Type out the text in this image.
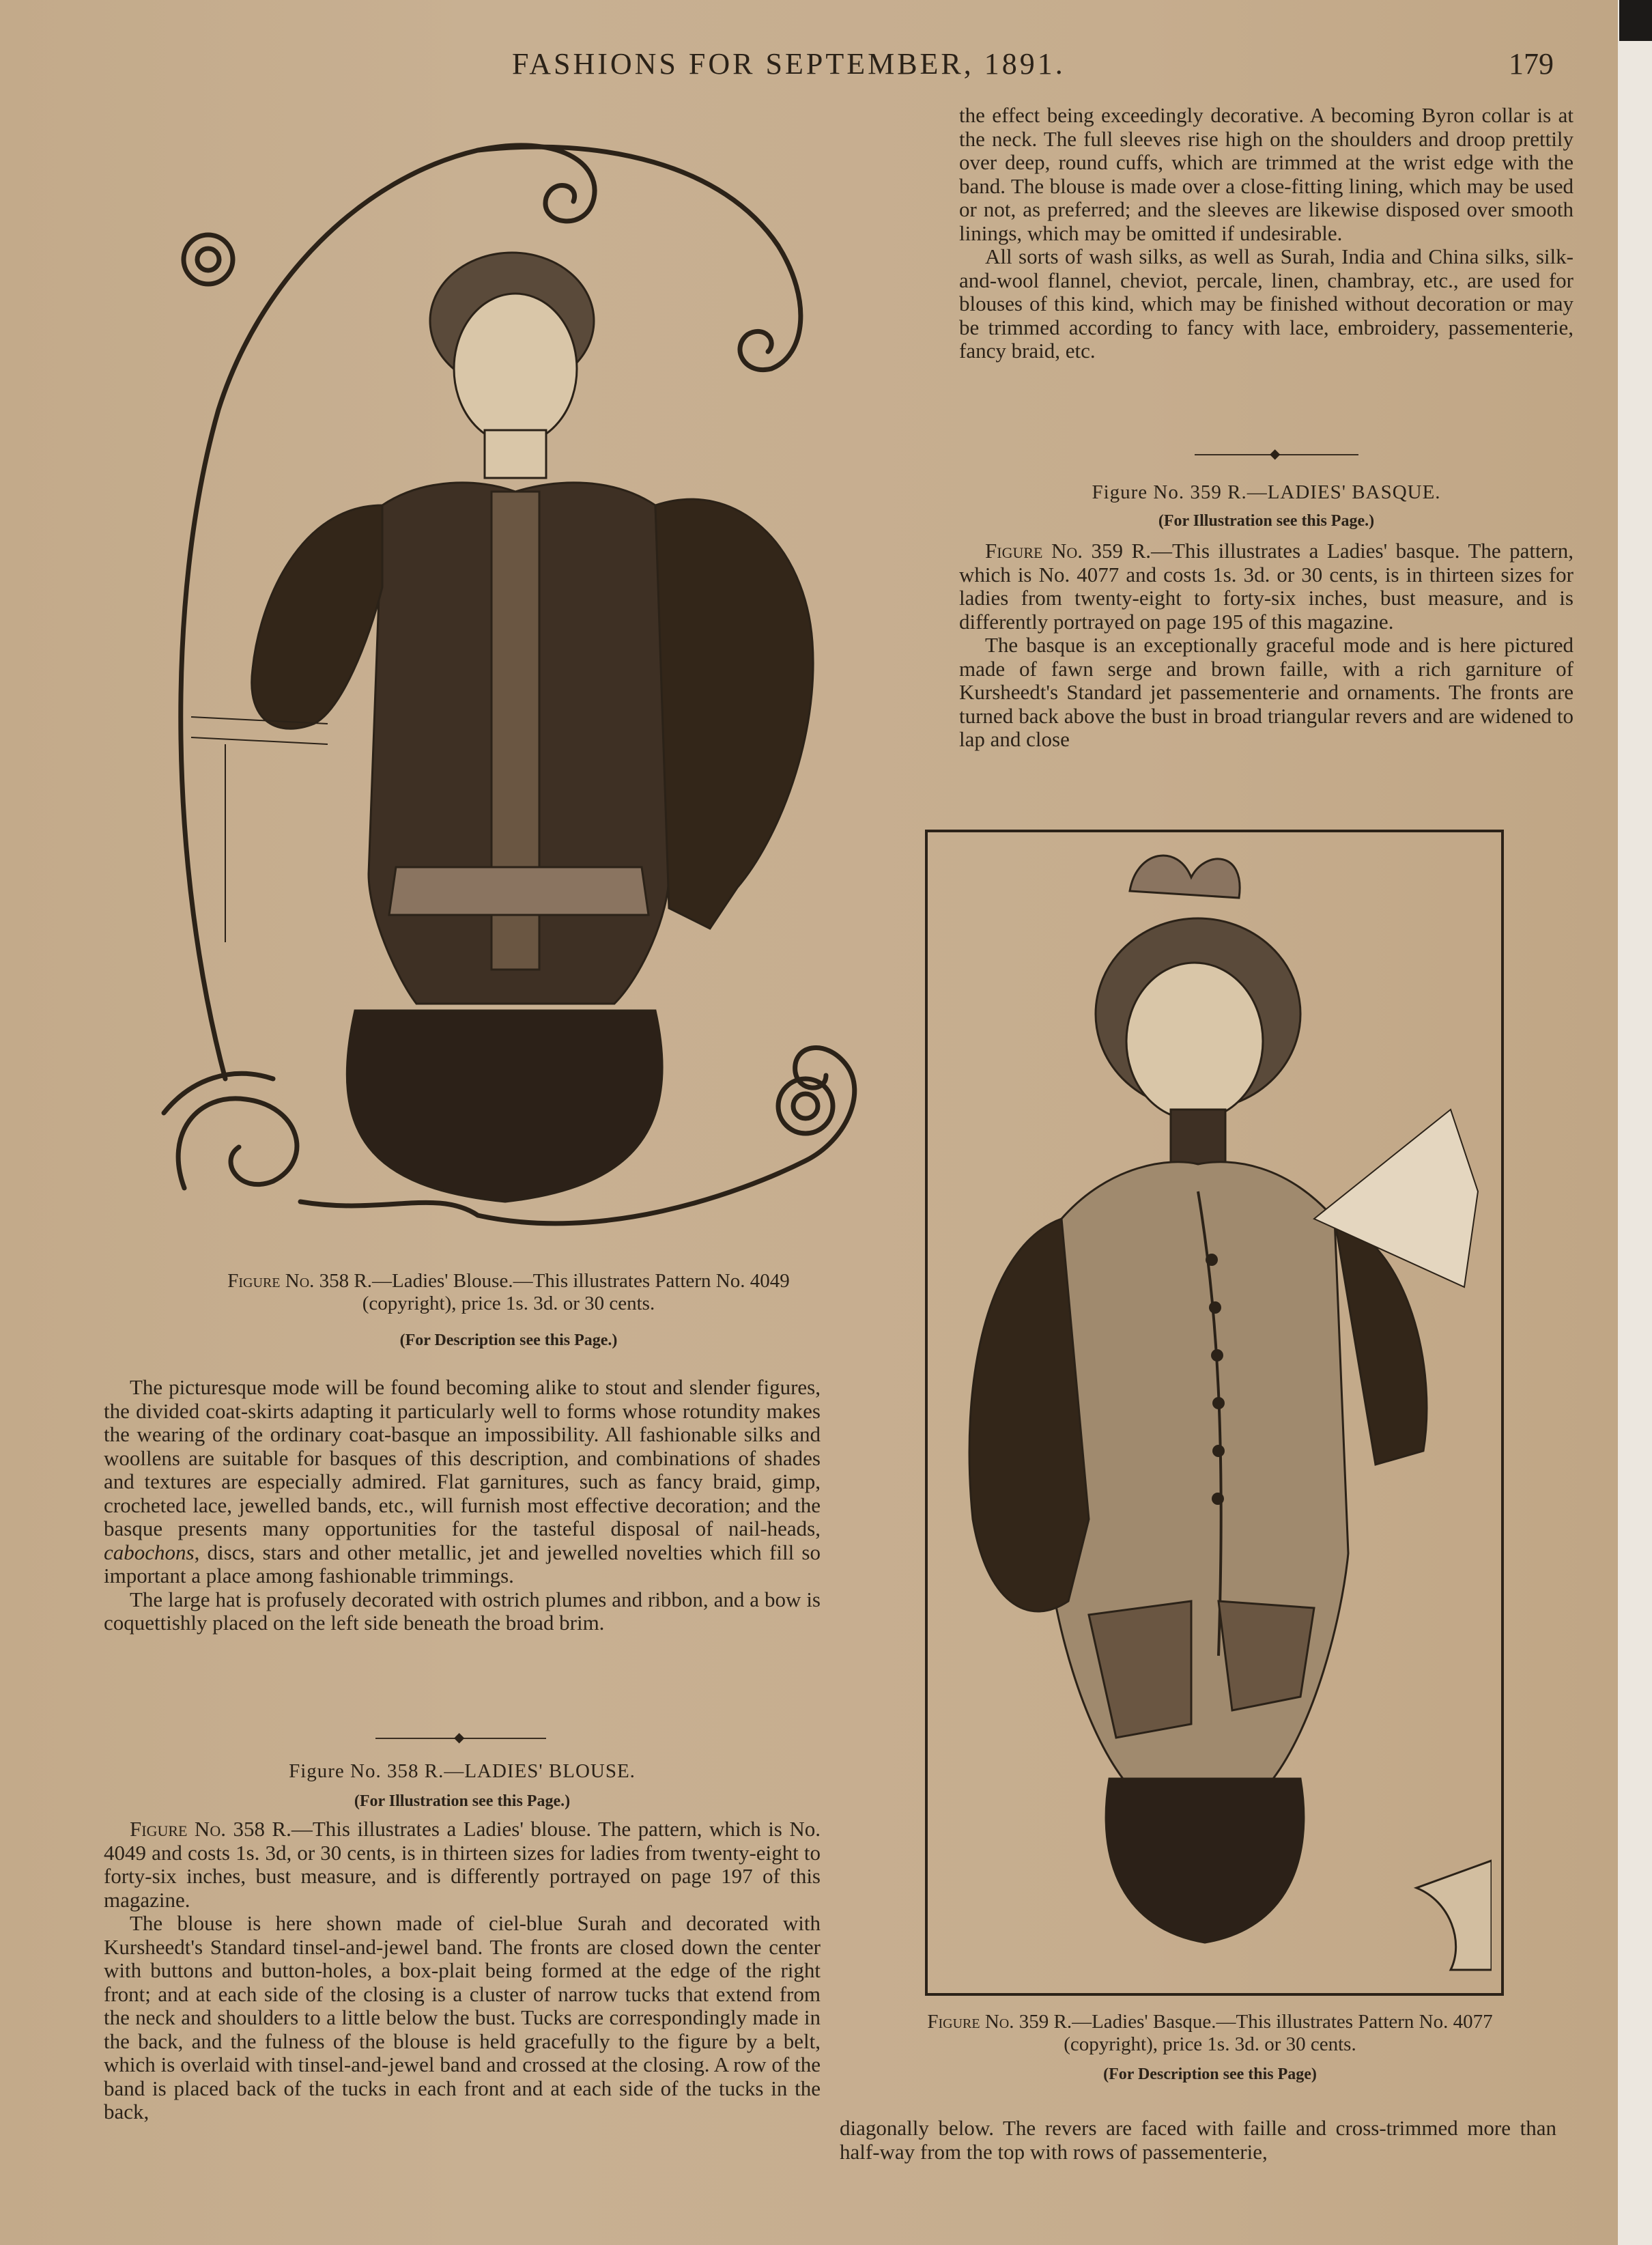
FASHIONS FOR SEPTEMBER, 1891.	179
Figure No. 358 R.—Ladies' Blouse.—This illustrates Pattern No. 4049 (copyright), price 1s. 3d. or 30 cents.
(For Description see this Page.)

the effect being exceedingly decorative. A becoming Byron collar is at the neck. The full sleeves rise high on the shoulders and droop prettily over deep, round cuffs, which are trimmed at the wrist edge with the band. The blouse is made over a close-fitting lining, which may be used or not, as preferred; and the sleeves are likewise disposed over smooth linings, which may be omitted if undesirable.

All sorts of wash silks, as well as Surah, India and China silks, silk-and-wool flannel, cheviot, percale, linen, chambray, etc., are used for blouses of this kind, which may be finished without decoration or may be trimmed according to fancy with lace, embroidery, passementerie, fancy braid, etc.

◆
Figure No. 359 R.—LADIES' BASQUE.
(For Illustration see this Page.)

Figure No. 359 R.—This illustrates a Ladies' basque. The pattern, which is No. 4077 and costs 1s. 3d. or 30 cents, is in thirteen sizes for ladies from twenty-eight to forty-six inches, bust measure, and is differently portrayed on page 195 of this magazine.

The basque is an exceptionally graceful mode and is here pictured made of fawn serge and brown faille, with a rich garniture of Kursheedt's Standard jet passementerie and ornaments. The fronts are turned back above the bust in broad triangular revers and are widened to lap and close

Figure No. 359 R.—Ladies' Basque.—This illustrates Pattern No. 4077 (copyright), price 1s. 3d. or 30 cents.
(For Description see this Page)

The picturesque mode will be found becoming alike to stout and slender figures, the divided coat-skirts adapting it particularly well to forms whose rotundity makes the wearing of the ordinary coat-basque an impossibility. All fashionable silks and woollens are suitable for basques of this description, and combinations of shades and textures are especially admired. Flat garnitures, such as fancy braid, gimp, crocheted lace, jewelled bands, etc., will furnish most effective decoration; and the basque presents many opportunities for the tasteful disposal of nail-heads, cabochons, discs, stars and other metallic, jet and jewelled novelties which fill so important a place among fashionable trimmings.

The large hat is profusely decorated with ostrich plumes and ribbon, and a bow is coquettishly placed on the left side beneath the broad brim.

◆
Figure No. 358 R.—LADIES' BLOUSE.
(For Illustration see this Page.)

Figure No. 358 R.—This illustrates a Ladies' blouse. The pattern, which is No. 4049 and costs 1s. 3d, or 30 cents, is in thirteen sizes for ladies from twenty-eight to forty-six inches, bust measure, and is differently portrayed on page 197 of this magazine.

The blouse is here shown made of ciel-blue Surah and decorated with Kursheedt's Standard tinsel-and-jewel band. The fronts are closed down the center with buttons and button-holes, a box-plait being formed at the edge of the right front; and at each side of the closing is a cluster of narrow tucks that extend from the neck and shoulders to a little below the bust. Tucks are correspondingly made in the back, and the fulness of the blouse is held gracefully to the figure by a belt, which is overlaid with tinsel-and-jewel band and crossed at the closing. A row of the band is placed back of the tucks in each front and at each side of the tucks in the back,

diagonally below. The revers are faced with faille and cross-trimmed more than half-way from the top with rows of passementerie,
